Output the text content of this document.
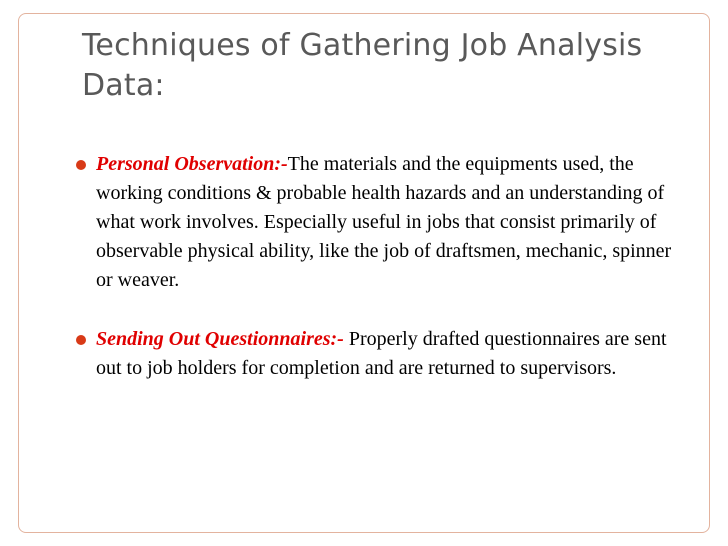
Techniques of Gathering Job Analysis Data:
Personal Observation:-The materials and the equipments used, the working conditions & probable health hazards and an understanding of what work involves. Especially useful in jobs that consist primarily of observable physical ability, like the job of draftsmen, mechanic, spinner or weaver.
Sending Out Questionnaires:- Properly drafted questionnaires are sent out to job holders for completion and are returned to supervisors.
